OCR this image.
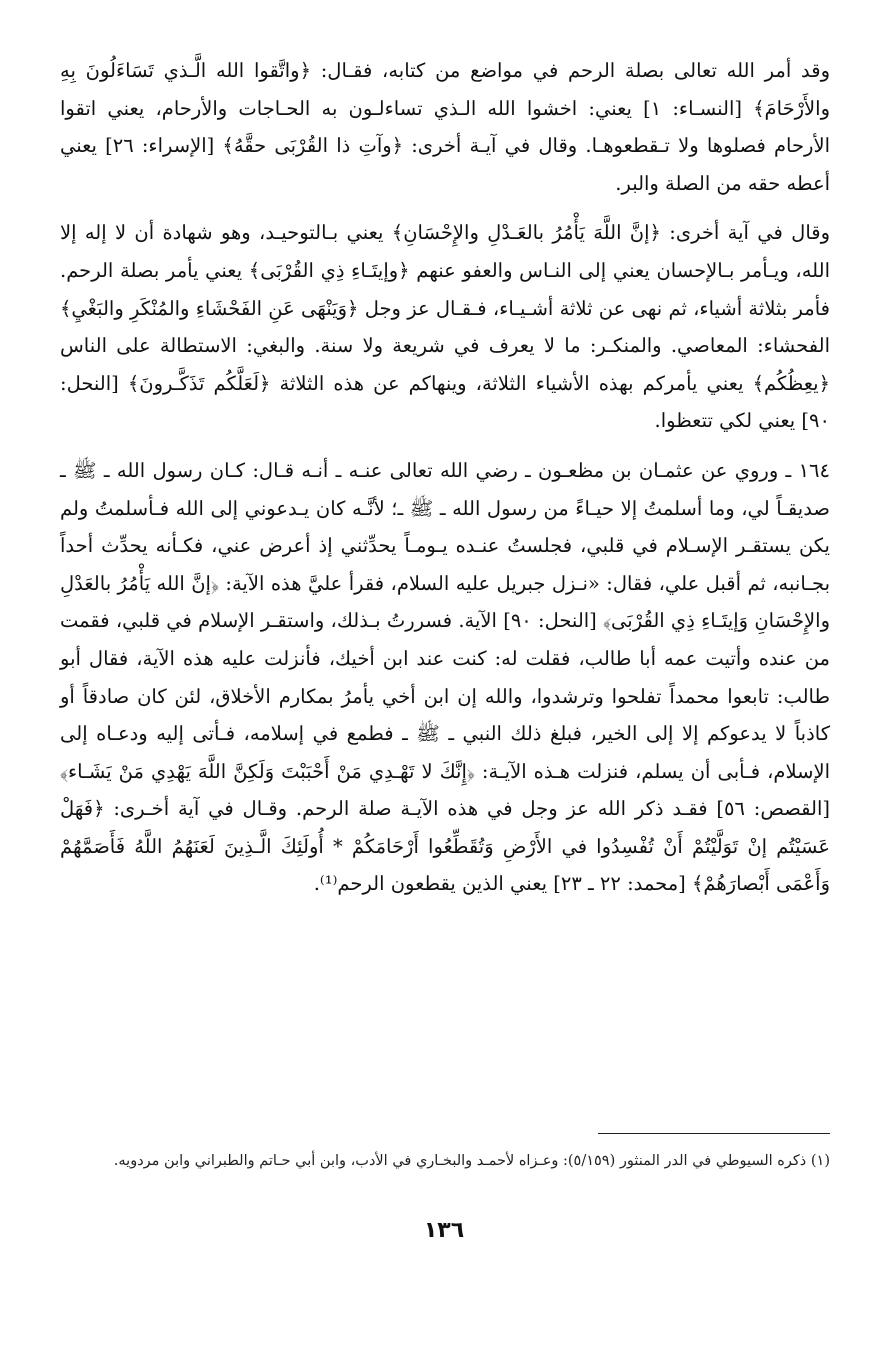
وقد أمر الله تعالى بصلة الرحم في مواضع من كتابه، فقـال: ﴿واتَّقوا الله الَّـذي تَسَاءَلُونَ بِهِ والأَرْحَامَ﴾ [النسـاء: ١] يعني: اخشوا الله الـذي تساءلـون به الحـاجات والأرحام، يعني اتقوا الأرحام فصلوها ولا تـقطعوهـا. وقال في آيـة أخرى: ﴿وآتِ ذا القُرْبَى حقَّهُ﴾ [الإسراء: ٢٦] يعني أعطه حقه من الصلة والبر.

وقال في آية أخرى: ﴿إنَّ اللَّهَ يَأْمُرُ بالعَـدْلِ والإِحْسَانِ﴾ يعني بـالتوحيـد، وهو شهادة أن لا إله إلا الله، ويـأمر بـالإحسان يعني إلى النـاس والعفو عنهم ﴿وإيتَـاءِ ذِي القُرْبَى﴾ يعني يأمر بصلة الرحم. فأمر بثلاثة أشياء، ثم نهى عن ثلاثة أشـيـاء، فـقـال عز وجل ﴿وَيَنْهَى عَنِ الفَحْشَاءِ والمُنْكَرِ والبَغْيِ﴾ الفحشاء: المعاصي. والمنكـر: ما لا يعرف في شريعة ولا سنة. والبغي: الاستطالة على الناس ﴿يعِظُكُم﴾ يعني يأمركم بهذه الأشياء الثلاثة، وينهاكم عن هذه الثلاثة ﴿لَعَلَّكُم تَذَكَّـرونَ﴾ [النحل: ٩٠] يعني لكي تتعظوا.

١٦٤ ـ وروي عن عثمـان بن مظعـون ـ رضي الله تعالى عنـه ـ أنـه قـال: كـان رسول الله ـ ﷺ ـ صديقـاً لي، وما أسلمتُ إلا حيـاءً من رسول الله ـ ﷺ ـ؛ لأنَّـه كان يـدعوني إلى الله فـأسلمتُ ولم يكن يستقـر الإسـلام في قلبي، فجلستُ عنـده يـومـاً يحدِّثني إذ أعرض عني، فكـأنه يحدِّث أحداً بجـانبه، ثم أقبل علي، فقال: «نـزل جبريل عليه السلام، فقرأ عليَّ هذه الآية: ﴿إنَّ الله يَأْمُرُ بالعَدْلِ والإِحْسَانِ وَإيتَـاءِ ذِي القُرْبَى﴾ [النحل: ٩٠] الآية. فسررتُ بـذلك، واستقـر الإسلام في قلبي، فقمت من عنده وأتيت عمه أبا طالب، فقلت له: كنت عند ابن أخيك، فأنزلت عليه هذه الآية، فقال أبو طالب: تابعوا محمداً تفلحوا وترشدوا، والله إن ابن أخي يأمرُ بمكارم الأخلاق، لئن كان صادقاً أو كاذباً لا يدعوكم إلا إلى الخير، فبلغ ذلك النبي ـ ﷺ ـ فطمع في إسلامه، فـأتى إليه ودعـاه إلى الإسلام، فـأبى أن يسلم، فنزلت هـذه الآيـة: ﴿إِنَّكَ لا تَهْـدِي مَنْ أَحْبَبْتَ وَلَكِنَّ اللَّهَ يَهْدِي مَنْ يَشَـاء﴾ [القصص: ٥٦] فقـد ذكر الله عز وجل في هذه الآيـة صلة الرحم. وقـال في آية أخـرى: ﴿فَهَلْ عَسَيْتُم إنْ تَوَلَّيْتُمْ أَنْ تُفْسِدُوا في الأَرْضِ وَتُقَطِّعُوا أَرْحَامَكُمْ * أُولَئِكَ الَّـذِينَ لَعَنَهُمُ اللَّهُ فَأَصَمَّهُمْ وَأَعْمَى أَبْصارَهُمْ﴾ [محمد: ٢٢ ـ ٢٣] يعني الذين يقطعون الرحم⁽¹⁾.

(١) ذكره السيوطي في الدر المنثور (٥/١٥٩): وعـزاه لأحمـد والبخـاري في الأدب، وابن أبي حـاتم والطبراني وابن مردويه.
١٣٦
